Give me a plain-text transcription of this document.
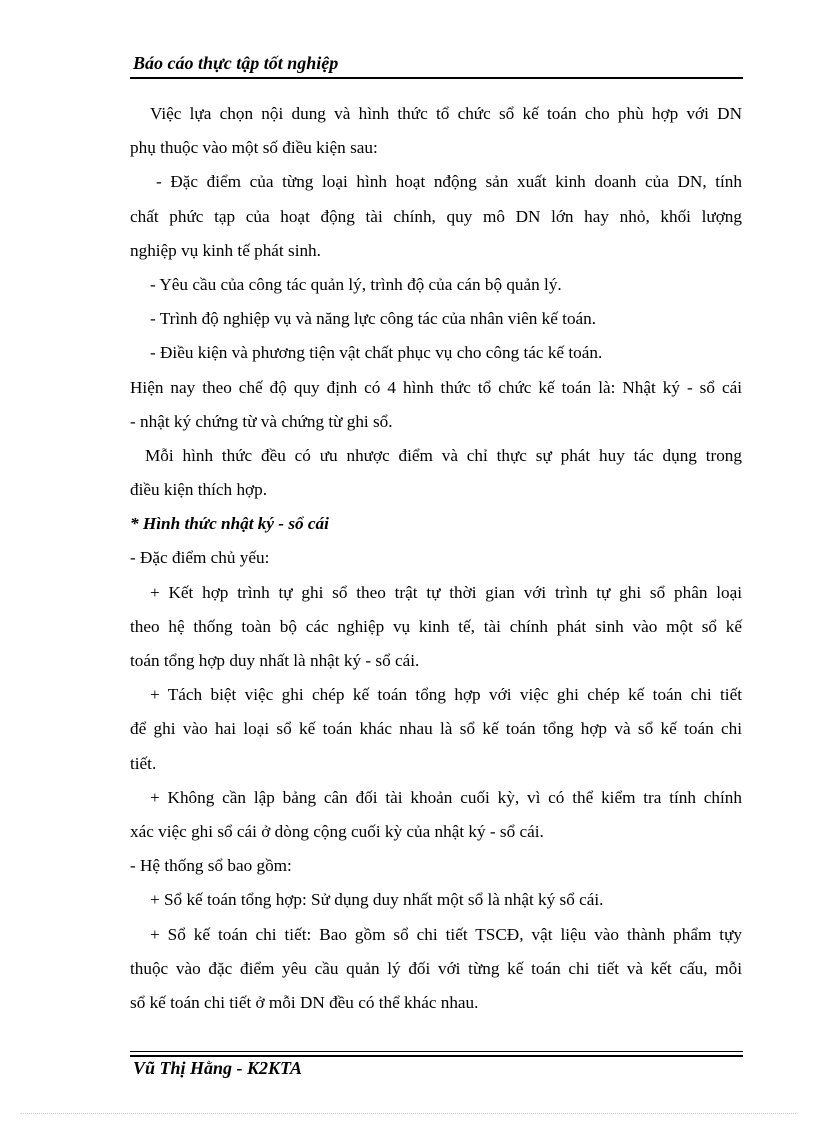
Báo cáo thực tập tốt nghiệp
Việc lựa chọn nội dung và hình thức tổ chức sổ kế toán cho phù hợp với DN
phụ thuộc vào một số điều kiện sau:
- Đặc điểm của từng loại hình hoạt nđộng sản xuất kinh doanh của DN, tính
chất phức tạp của hoạt động tài chính, quy mô DN lớn hay nhỏ, khối lượng
nghiệp vụ kinh tế phát sinh.
- Yêu cầu của công tác quản lý, trình độ của cán bộ quản lý.
- Trình độ nghiệp vụ và năng lực công tác của nhân viên kế toán.
- Điều kiện và phương tiện vật chất phục vụ cho công tác kế toán.
Hiện nay theo chế độ quy định có 4 hình thức tổ chức kế toán là: Nhật ký - sổ cái
- nhật ký chứng từ và chứng từ ghi sổ.
Mỗi hình thức đều có ưu nhược điểm và chỉ thực sự phát huy tác dụng trong
điều kiện thích hợp.
* Hình thức nhật ký - sổ cái
- Đặc điểm chủ yếu:
+ Kết hợp trình tự ghi sổ theo trật tự thời gian với trình tự ghi sổ phân loại
theo hệ thống toàn bộ các nghiệp vụ kinh tế, tài chính phát sinh vào một sổ kế
toán tổng hợp duy nhất là nhật ký - sổ cái.
+ Tách biệt việc ghi chép kế toán tổng hợp với việc ghi chép kế toán chi tiết
để ghi vào hai loại sổ kế toán khác nhau là sổ kế toán tổng hợp và sổ kế toán chi
tiết.
+ Không cần lập bảng cân đối tài khoản cuối kỳ, vì có thể kiểm tra tính chính
xác việc ghi sổ cái ở dòng cộng cuối kỳ của nhật ký - sổ cái.
- Hệ thống sổ bao gồm:
+ Sổ kế toán tổng hợp: Sử dụng duy nhất một sổ là nhật ký sổ cái.
+ Sổ kế toán chi tiết: Bao gồm sổ chi tiết TSCĐ, vật liệu vào thành phẩm tựy
thuộc vào đặc điểm yêu cầu quản lý đối với từng kế toán chi tiết và kết cấu, mỗi
sổ kế toán chi tiết ở mỗi DN đều có thể khác nhau.
Vũ Thị Hằng - K2KTA
